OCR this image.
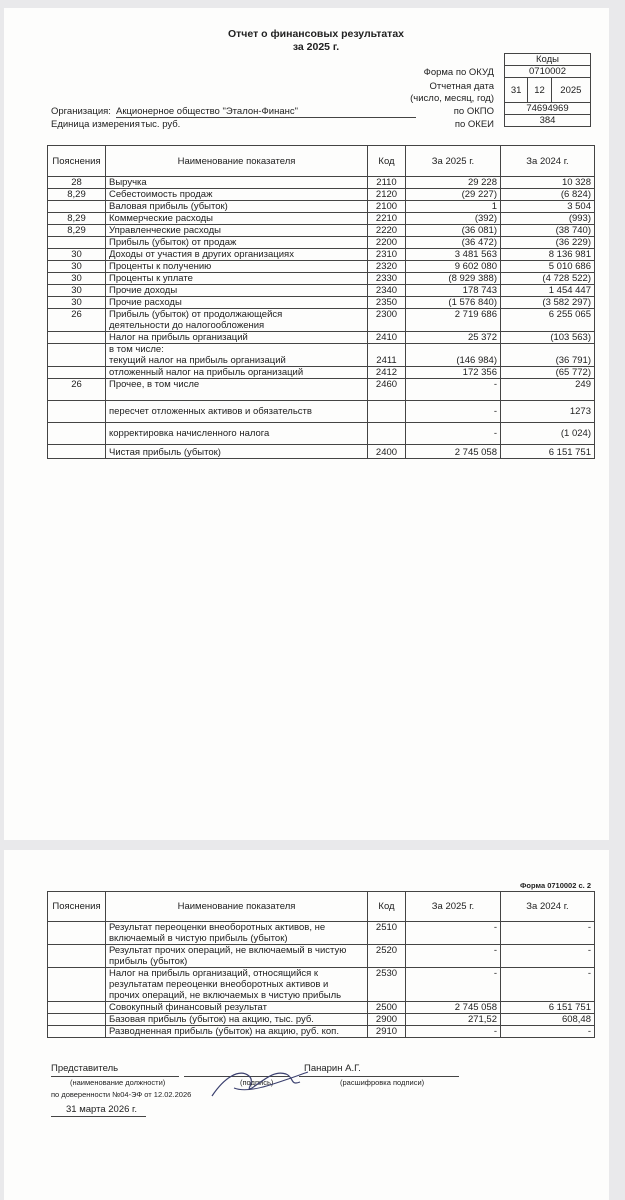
Отчет о финансовых результатах
за 2025 г.
Коды
0710002
31	12	2025
74694969
384
Форма по ОКУД
Отчетная дата
(число, месяц, год)
по ОКПО
по ОКЕИ
Организация: Акционерное общество "Эталон-Финанс"
Единица измерения тыс. руб.
Пояснения	Наименование показателя	Код	За 2025 г.	За 2024 г.
28	Выручка	2110	29 228	10 328
8,29	Себестоимость продаж	2120	(29 227)	(6 824)
	Валовая прибыль (убыток)	2100	1	3 504
8,29	Коммерческие расходы	2210	(392)	(993)
8,29	Управленческие расходы	2220	(36 081)	(38 740)
	Прибыль (убыток) от продаж	2200	(36 472)	(36 229)
30	Доходы от участия в других организациях	2310	3 481 563	8 136 981
30	Проценты к получению	2320	9 602 080	5 010 686
30	Проценты к уплате	2330	(8 929 388)	(4 728 522)
30	Прочие доходы	2340	178 743	1 454 447
30	Прочие расходы	2350	(1 576 840)	(3 582 297)
26	Прибыль (убыток) от продолжающейся
деятельности до налогообложения	2300	2 719 686	6 255 065
	Налог на прибыль организаций	2410	25 372	(103 563)

	в том числе:
текущий налог на прибыль организаций	2411	(146 984)	(36 791)
	отложенный налог на прибыль организаций	2412	172 356	(65 772)
26	Прочее, в том числе	2460	-	249
	пересчет отложенных активов и обязательств		-	1273
	корректировка начисленного налога		-	(1 024)
	Чистая прибыль (убыток)	2400	2 745 058	6 151 751
Форма 0710002 с. 2
Пояснения	Наименование показателя	Код	За 2025 г.	За 2024 г.

	Результат переоценки внеоборотных активов, не
включаемый в чистую прибыль (убыток)	2510	-	-

	Результат прочих операций, не включаемый в чистую
прибыль (убыток)	2520	-	-

	Налог на прибыль организаций, относящийся к
результатам переоценки внеоборотных активов и
прочих операций, не включаемых в чистую прибыль	2530	-	-
	Совокупный финансовый результат	2500	2 745 058	6 151 751
	Базовая прибыль (убыток) на акцию, тыс. руб.	2900	271,52	608,48
	Разводненная прибыль (убыток) на акцию, руб. коп.	2910	-	-
Представитель	Панарин А.Г.
(наименование должности)	(подпись)	(расшифровка подписи)
по доверенности №04-ЭФ от 12.02.2026
31 марта 2026 г.
